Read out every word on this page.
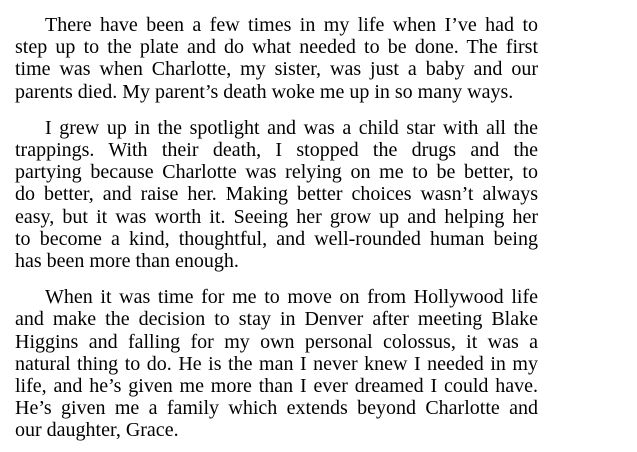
There have been a few times in my life when I’ve had to
step up to the plate and do what needed to be done. The first
time was when Charlotte, my sister, was just a baby and our
parents died. My parent’s death woke me up in so many ways.

I grew up in the spotlight and was a child star with all the
trappings. With their death, I stopped the drugs and the
partying because Charlotte was relying on me to be better, to
do better, and raise her. Making better choices wasn’t always
easy, but it was worth it. Seeing her grow up and helping her
to become a kind, thoughtful, and well-rounded human being
has been more than enough.

When it was time for me to move on from Hollywood life
and make the decision to stay in Denver after meeting Blake
Higgins and falling for my own personal colossus, it was a
natural thing to do. He is the man I never knew I needed in my
life, and he’s given me more than I ever dreamed I could have.
He’s given me a family which extends beyond Charlotte and
our daughter, Grace.
